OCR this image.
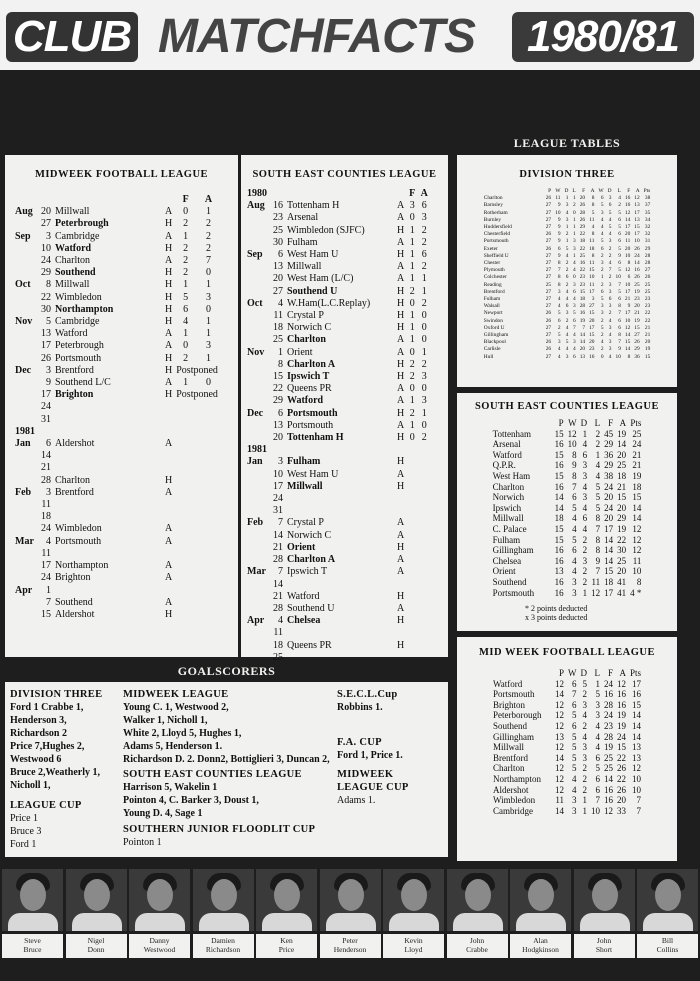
CLUB MATCHFACTS	1980/81
LEAGUE TABLES
MIDWEEK FOOTBALL LEAGUE
				F	A
Aug	20	Millwall	A	0	1
	27	Peterbrough	H	2	2
Sep	3	Cambridge	A	1	2
	10	Watford	H	2	2
	24	Charlton	A	2	7
	29	Southend	H	2	0
Oct	8	Millwall	H	1	1
	22	Wimbledon	H	5	3
	30	Northampton	H	6	0
Nov	5	Cambridge	H	4	1
	13	Watford	A	1	1
	17	Peterbrough	A	0	3
	26	Portsmouth	H	2	1
Dec	3	Brentford	H	Postponed	
	9	Southend L/C	A	1	0
	17	Brighton	H	Postponed	
	24				
	31				
1981					
Jan	6	Aldershot	A		
	14				
	21				
	28	Charlton	H		
Feb	3	Brentford	A		
	11				
	18				
	24	Wimbledon	A		
Mar	4	Portsmouth	A		
	11				
	17	Northampton	A		
	24	Brighton	A		
Apr	1				
	7	Southend	A		
	15	Aldershot	H		
SOUTH EAST COUNTIES LEAGUE
1980				F	A
Aug	16	Tottenham H	A	3	6
	23	Arsenal	A	0	3
	25	Wimbledon (SJFC)	H	1	2
	30	Fulham	A	1	2
Sep	6	West Ham U	H	1	6
	13	Millwall	A	1	2
	20	West Ham (L/C)	A	1	1
	27	Southend U	H	2	1
Oct	4	W.Ham(L.C.Replay)	H	0	2
	11	Crystal P	H	1	0
	18	Norwich C	H	1	0
	25	Charlton	A	1	0
Nov	1	Orient	A	0	1
	8	Charlton A	H	2	2
	15	Ipswich T	H	2	3
	22	Queens PR	A	0	0
	29	Watford	A	1	3
Dec	6	Portsmouth	H	2	1
	13	Portsmouth	A	1	0
	20	Tottenham H	H	0	2

1981					
Jan	3	Fulham	H		
	10	West Ham U	A		
	17	Millwall	H		
	24				
	31				
Feb	7	Crystal P	A		
	14	Norwich C	A		
	21	Orient	H		
	28	Charlton A	A		
Mar	7	Ipswich T	A		
	14				
	21	Watford	H		
	28	Southend U	A		
Apr	4	Chelsea	H		
	11				
	18	Queens PR	H		
	25				
DIVISION THREE
	P	W	D	L	F	A	W	D	L	F	A	Pts
Charlton	26	11	1	1	20	8	6	3	4	16	12	38
Barnsley	27	9	3	2	26	8	5	6	2	16	13	37
Rotherham	27	10	4	0	28	5	3	5	5	12	17	35
Burnley	27	9	3	1	26	11	4	4	6	14	13	34
Huddersfield	27	9	1	1	29	4	4	5	5	17	15	32
Chesterfield	26	9	2	1	22	8	4	4	6	20	17	32
Portsmouth	27	9	1	3	18	11	5	3	6	11	10	31
Exeter	26	6	5	3	22	18	6	2	5	20	26	29
Sheffield U	27	9	4	1	25	8	2	2	9	10	24	28
Chester	27	8	2	4	16	11	3	4	6	8	14	28
Plymouth	27	7	2	4	22	15	2	7	5	12	16	27
Colchester	27	8	6	0	23	10	1	2	10	6	26	26
Reading	25	8	2	3	23	11	2	3	7	10	25	25
Brentford	27	3	4	6	15	17	6	3	5	17	19	25
Fulham	27	4	4	4	18	3	5	6	6	21	23	23
Walsall	27	4	6	3	28	27	3	3	8	9	20	23
Newport	26	5	3	5	16	15	3	2	7	17	21	22
Swindon	26	6	2	6	19	20	2	4	6	10	19	22
Oxford U	27	2	4	7	7	17	5	3	6	12	15	21
Gillingham	27	5	4	4	14	15	2	4	8	14	27	21
Blackpool	26	3	5	3	14	20	4	3	7	15	26	20
Carlisle	26	4	4	4	20	23	2	3	9	14	29	19
Hull	27	4	3	6	13	16	0	4	10	8	36	15
SOUTH EAST COUNTIES LEAGUE
	P	W	D	L	F	A	Pts
Tottenham	15	12	1	2	45	19	25
Arsenal	16	10	4	2	29	14	24
Watford	15	8	6	1	36	20	21
Q.P.R.	16	9	3	4	29	25	21
West Ham	15	8	3	4	38	18	19
Charlton	16	7	4	5	24	21	18
Norwich	14	6	3	5	20	15	15
Ipswich	14	5	4	5	24	20	14
Millwall	18	4	6	8	20	29	14
C. Palace	15	4	4	7	17	19	12
Fulham	15	5	2	8	14	22	12
Gillingham	16	6	2	8	14	30	12
Chelsea	16	4	3	9	14	25	11
Orient	13	4	2	7	15	20	10
Southend	16	3	2	11	18	41	8
Portsmouth	16	3	1	12	17	41	4 *
* 2 points deducted
x 3 points deducted
MID WEEK FOOTBALL LEAGUE
	P	W	D	L	F	A	Pts
Watford	12	6	5	1	24	12	17
Portsmouth	14	7	2	5	16	16	16
Brighton	12	6	3	3	28	16	15
Peterborough	12	5	4	3	24	19	14
Southend	12	6	2	4	23	19	14
Gillingham	13	5	4	4	28	24	14
Millwall	12	5	3	4	19	15	13
Brentford	14	5	3	6	25	22	13
Charlton	12	5	2	5	25	26	12
Northampton	12	4	2	6	14	22	10
Aldershot	12	4	2	6	16	26	10
Wimbledon	11	3	1	7	16	20	7
Cambridge	14	3	1	10	12	33	7
GOALSCORERS
DIVISION THREE
Ford 1 Crabbe 1,
Henderson 3,
Richardson 2
Price 7,Hughes 2,
Westwood 6
Bruce 2,Weatherly 1,
Nicholl 1,
LEAGUE CUP
Price 1
Bruce 3
Ford 1
MIDWEEK LEAGUE
Young C. 1, Westwood 2,
Walker 1, Nicholl 1,
White 2, Lloyd 5, Hughes 1,
Adams 5, Henderson 1.
Richardson D. 2. Donn2, Bottiglieri 3, Duncan 2,
SOUTH EAST COUNTIES LEAGUE
Harrison 5, Wakelin 1
Pointon 4, C. Barker 3, Doust 1,
Young D. 4, Sage 1
SOUTHERN JUNIOR FLOODLIT CUP
Pointon 1
S.E.C.L.Cup
Robbins 1.
F.A. CUP
Ford 1, Price 1.
MIDWEEK LEAGUE CUP
Adams 1.
Steve
Bruce
Nigel
Donn
Danny
Westwood
Damien
Richardson
Ken
Price
Peter
Henderson
Kevin
Lloyd
John
Crabbe
Alan
Hodgkinson
John
Short
Bill
Collins
